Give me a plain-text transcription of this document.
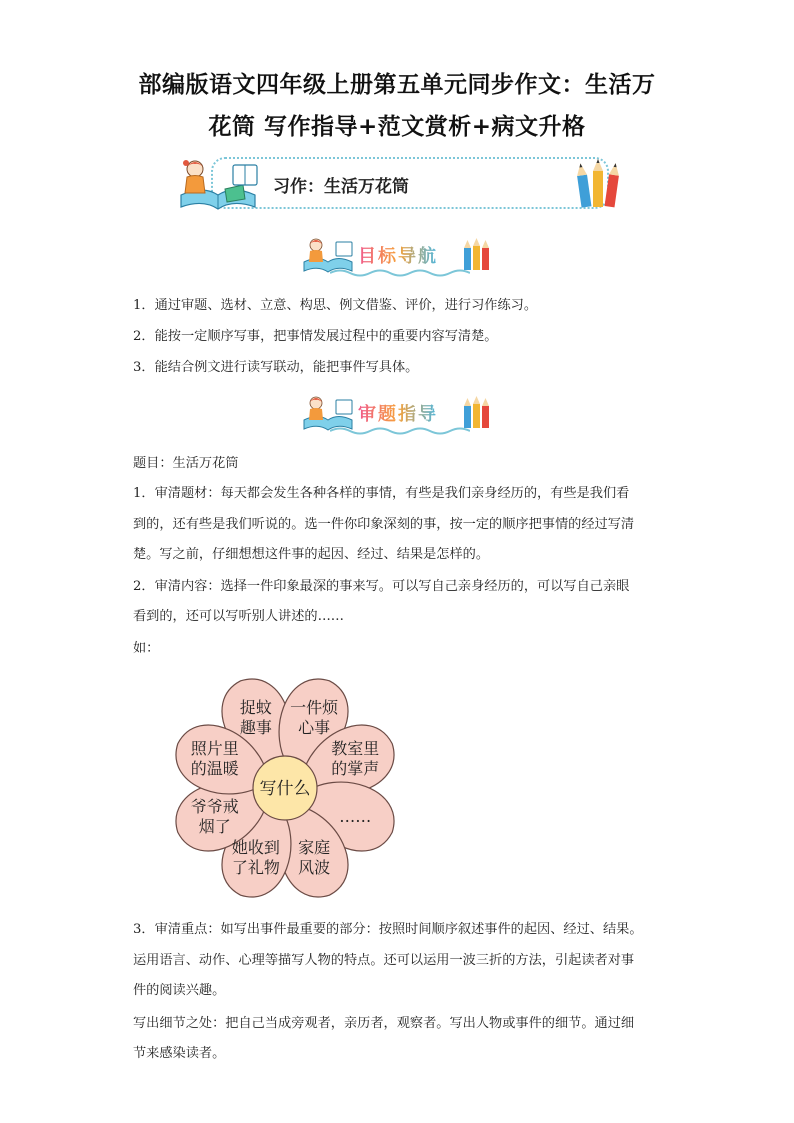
部编版语文四年级上册第五单元同步作文：生活万
花筒 写作指导+范文赏析+病文升格
习作：生活万花筒
目标导航
1．通过审题、选材、立意、构思、例文借鉴、评价，进行习作练习。
2．能按一定顺序写事，把事情发展过程中的重要内容写清楚。
3．能结合例文进行读写联动，能把事件写具体。
审题指导
题目：生活万花筒
1．审清题材：每天都会发生各种各样的事情，有些是我们亲身经历的，有些是我们看
到的，还有些是我们听说的。选一件你印象深刻的事，按一定的顺序把事情的经过写清
楚。写之前，仔细想想这件事的起因、经过、结果是怎样的。
2．审清内容：选择一件印象最深的事来写。可以写自己亲身经历的，可以写自己亲眼
看到的，还可以写听别人讲述的……
如：
捉蚊趣事
一件烦心事
教室里的掌声
……
家庭风波
她收到了礼物
爷爷戒烟了
照片里的温暖
写什么
3．审清重点：如写出事件最重要的部分：按照时间顺序叙述事件的起因、经过、结果。
运用语言、动作、心理等描写人物的特点。还可以运用一波三折的方法，引起读者对事
件的阅读兴趣。
写出细节之处：把自己当成旁观者，亲历者，观察者。写出人物或事件的细节。通过细
节来感染读者。
